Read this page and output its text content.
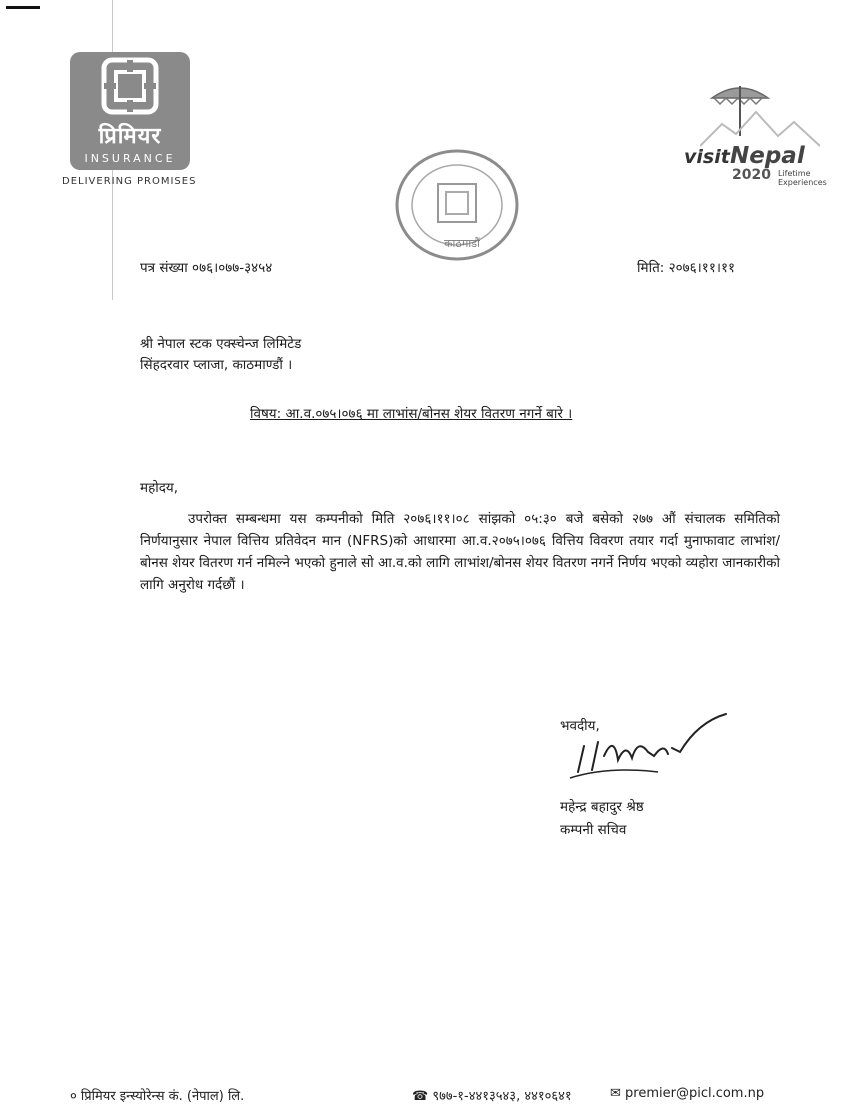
प्रिमियर
INSURANCE
DELIVERING PROMISES
visit Nepal
2020 Lifetime
Experiences
काठमाडौं
पत्र संख्या ०७६।०७७-३४५४	मिति: २०७६।११।११
श्री नेपाल स्टक एक्स्चेन्ज लिमिटेड
सिंहदरवार प्लाजा, काठमाण्डौं ।
विषय: आ.व.०७५।०७६ मा लाभांस/बोनस शेयर वितरण नगर्ने बारे ।
महोदय,
उपरोक्त सम्बन्धमा यस कम्पनीको मिति २०७६।११।०८ सांझको ०५:३० बजे बसेको २७७ औं संचालक समितिको निर्णयानुसार नेपाल वित्तिय प्रतिवेदन मान (NFRS)को आधारमा आ.व.२०७५।०७६ वित्तिय विवरण तयार गर्दा मुनाफावाट लाभांश/बोनस शेयर वितरण गर्न नमिल्ने भएको हुनाले सो आ.व.को लागि लाभांश/बोनस शेयर वितरण नगर्ने निर्णय भएको व्यहोरा जानकारीको लागि अनुरोध गर्दछौं ।
भवदीय,
महेन्द्र बहादुर श्रेष्ठ
कम्पनी सचिव
० प्रिमियर इन्स्योरेन्स कं. (नेपाल) लि.	☎ ९७७-१-४४१३५४३, ४४१०६४१	✉ premier@picl.com.np
